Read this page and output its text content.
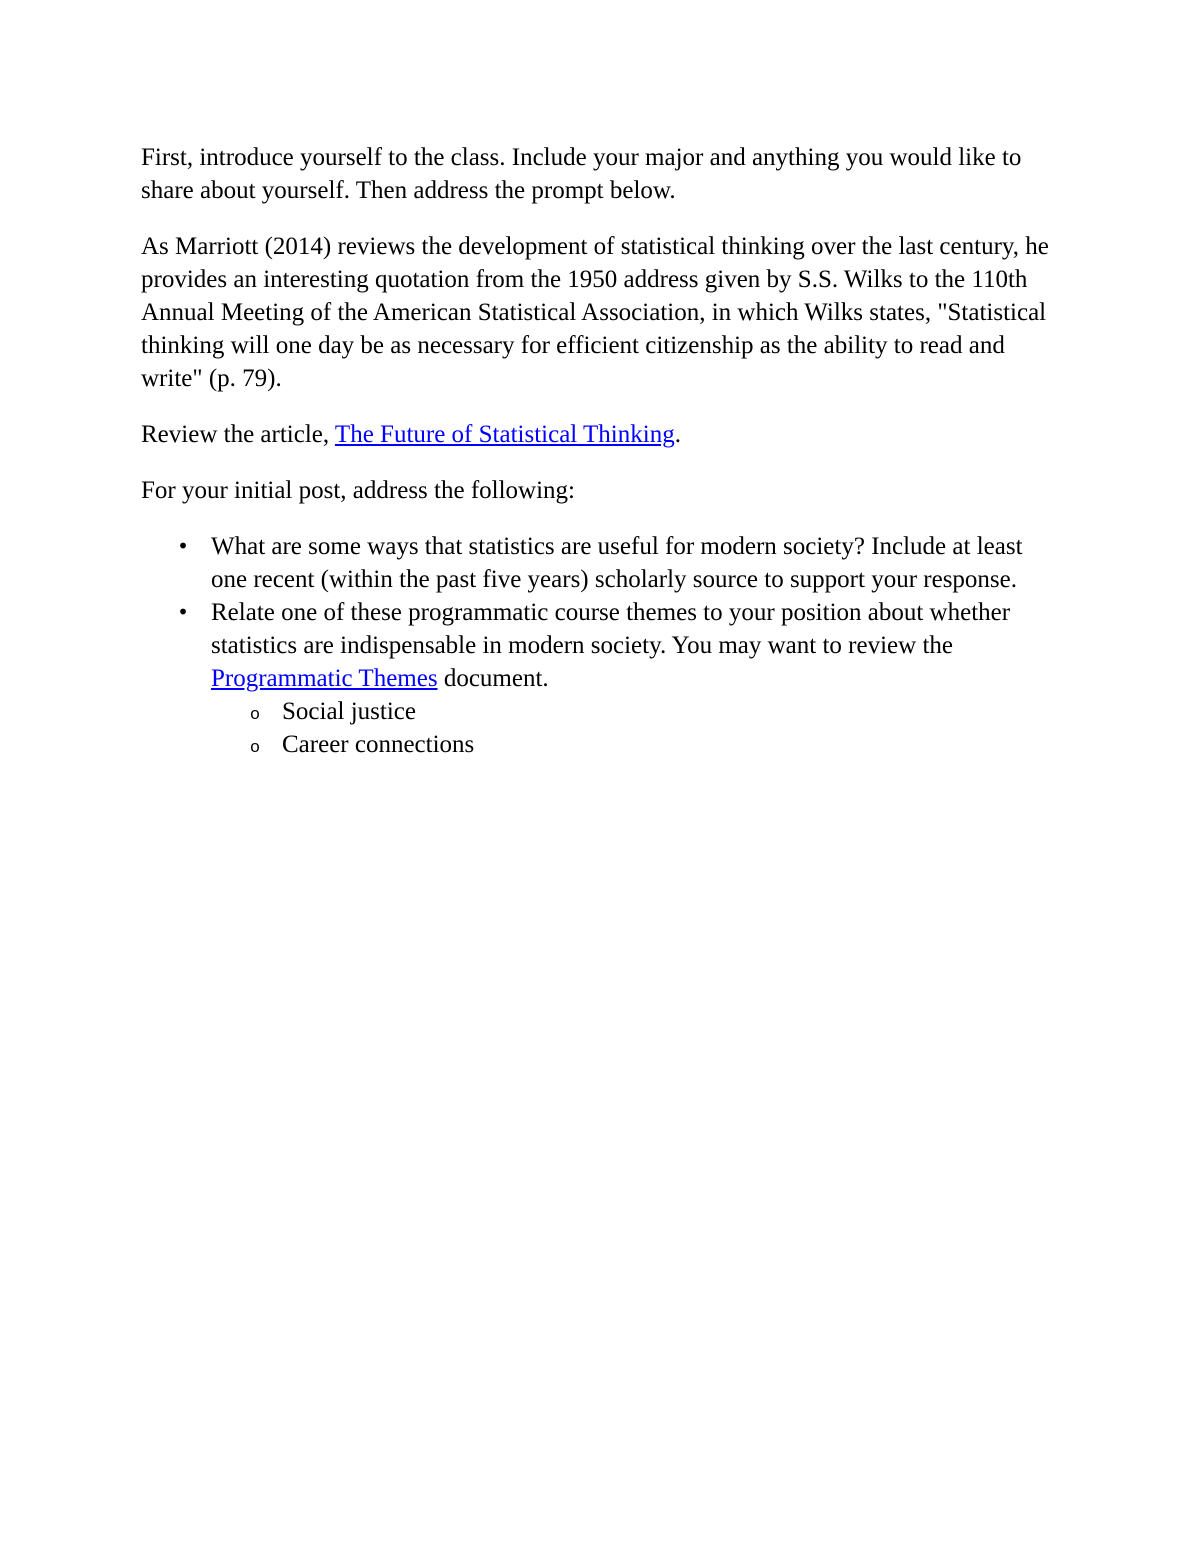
First, introduce yourself to the class. Include your major and anything you would like to share about yourself. Then address the prompt below.

As Marriott (2014) reviews the development of statistical thinking over the last century, he provides an interesting quotation from the 1950 address given by S.S. Wilks to the 110th Annual Meeting of the American Statistical Association, in which Wilks states, "Statistical thinking will one day be as necessary for efficient citizenship as the ability to read and write" (p. 79).

Review the article, The Future of Statistical Thinking.

For your initial post, address the following:

• What are some ways that statistics are useful for modern society? Include at least one recent (within the past five years) scholarly source to support your response.
• Relate one of these programmatic course themes to your position about whether statistics are indispensable in modern society. You may want to review the Programmatic Themes document.
o Social justice
o Career connections
